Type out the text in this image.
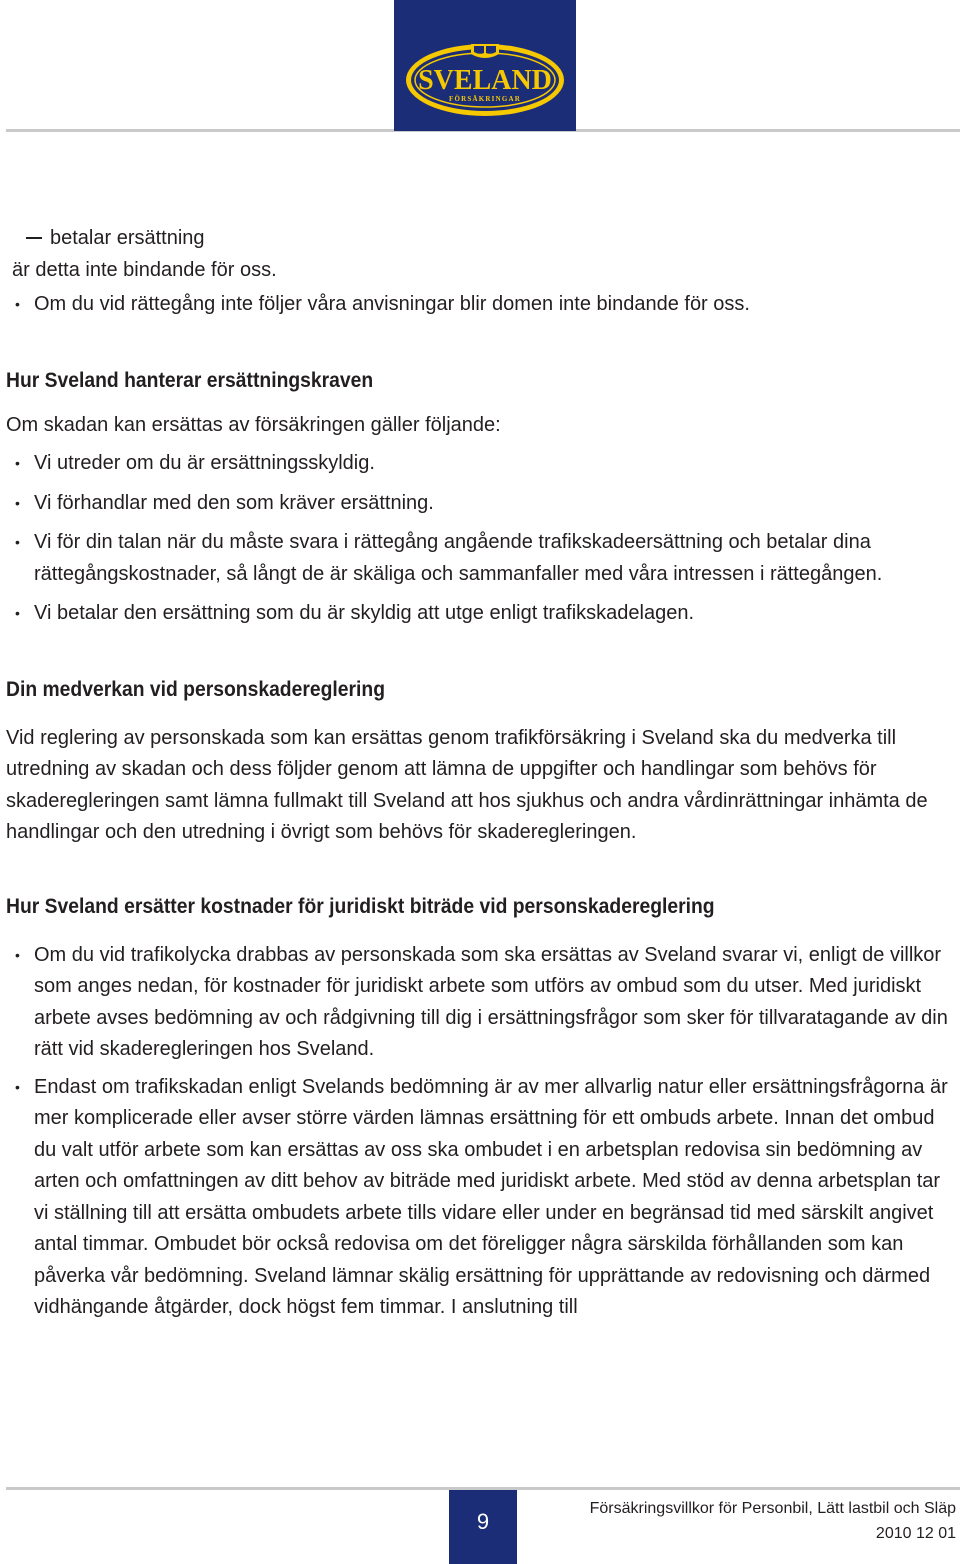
SVELAND
FÖRSÄKRINGAR
betalar ersättning
är detta inte bindande för oss.
• Om du vid rättegång inte följer våra anvisningar blir domen inte bindande för oss.
Hur Sveland hanterar ersättningskraven

Om skadan kan ersättas av försäkringen gäller följande:

• Vi utreder om du är ersättningsskyldig.
• Vi förhandlar med den som kräver ersättning.
• Vi för din talan när du måste svara i rättegång angående trafikskadeersättning och betalar dina rättegångskostnader, så långt de är skäliga och sammanfaller med våra intressen i rättegången.
• Vi betalar den ersättning som du är skyldig att utge enligt trafikskadelagen.
Din medverkan vid personskadereglering

Vid reglering av personskada som kan ersättas genom trafikförsäkring i Sveland ska du medverka till utredning av skadan och dess följder genom att lämna de uppgifter och handlingar som behövs för skaderegleringen samt lämna fullmakt till Sveland att hos sjukhus och andra vårdinrättningar inhämta de handlingar och den utredning i övrigt som behövs för skaderegleringen.

Hur Sveland ersätter kostnader för juridiskt biträde vid personskadereglering
• Om du vid trafikolycka drabbas av personskada som ska ersättas av Sveland svarar vi, enligt de villkor som anges nedan, för kostnader för juridiskt arbete som utförs av ombud som du utser. Med juridiskt arbete avses bedömning av och rådgivning till dig i ersättningsfrågor som sker för tillvaratagande av din rätt vid skaderegleringen hos Sveland.
• Endast om trafikskadan enligt Svelands bedömning är av mer allvarlig natur eller ersättningsfrågorna är mer komplicerade eller avser större värden lämnas ersättning för ett ombuds arbete. Innan det ombud du valt utför arbete som kan ersättas av oss ska ombudet i en arbetsplan redovisa sin bedömning av arten och omfattningen av ditt behov av biträde med juridiskt arbete. Med stöd av denna arbetsplan tar vi ställning till att ersätta ombudets arbete tills vidare eller under en begränsad tid med särskilt angivet antal timmar. Ombudet bör också redovisa om det föreligger några särskilda förhållanden som kan påverka vår bedömning. Sveland lämnar skälig ersättning för upprättande av redovisning och därmed vidhängande åtgärder, dock högst fem timmar. I anslutning till
9
Försäkringsvillkor för Personbil, Lätt lastbil och Släp
2010 12 01
